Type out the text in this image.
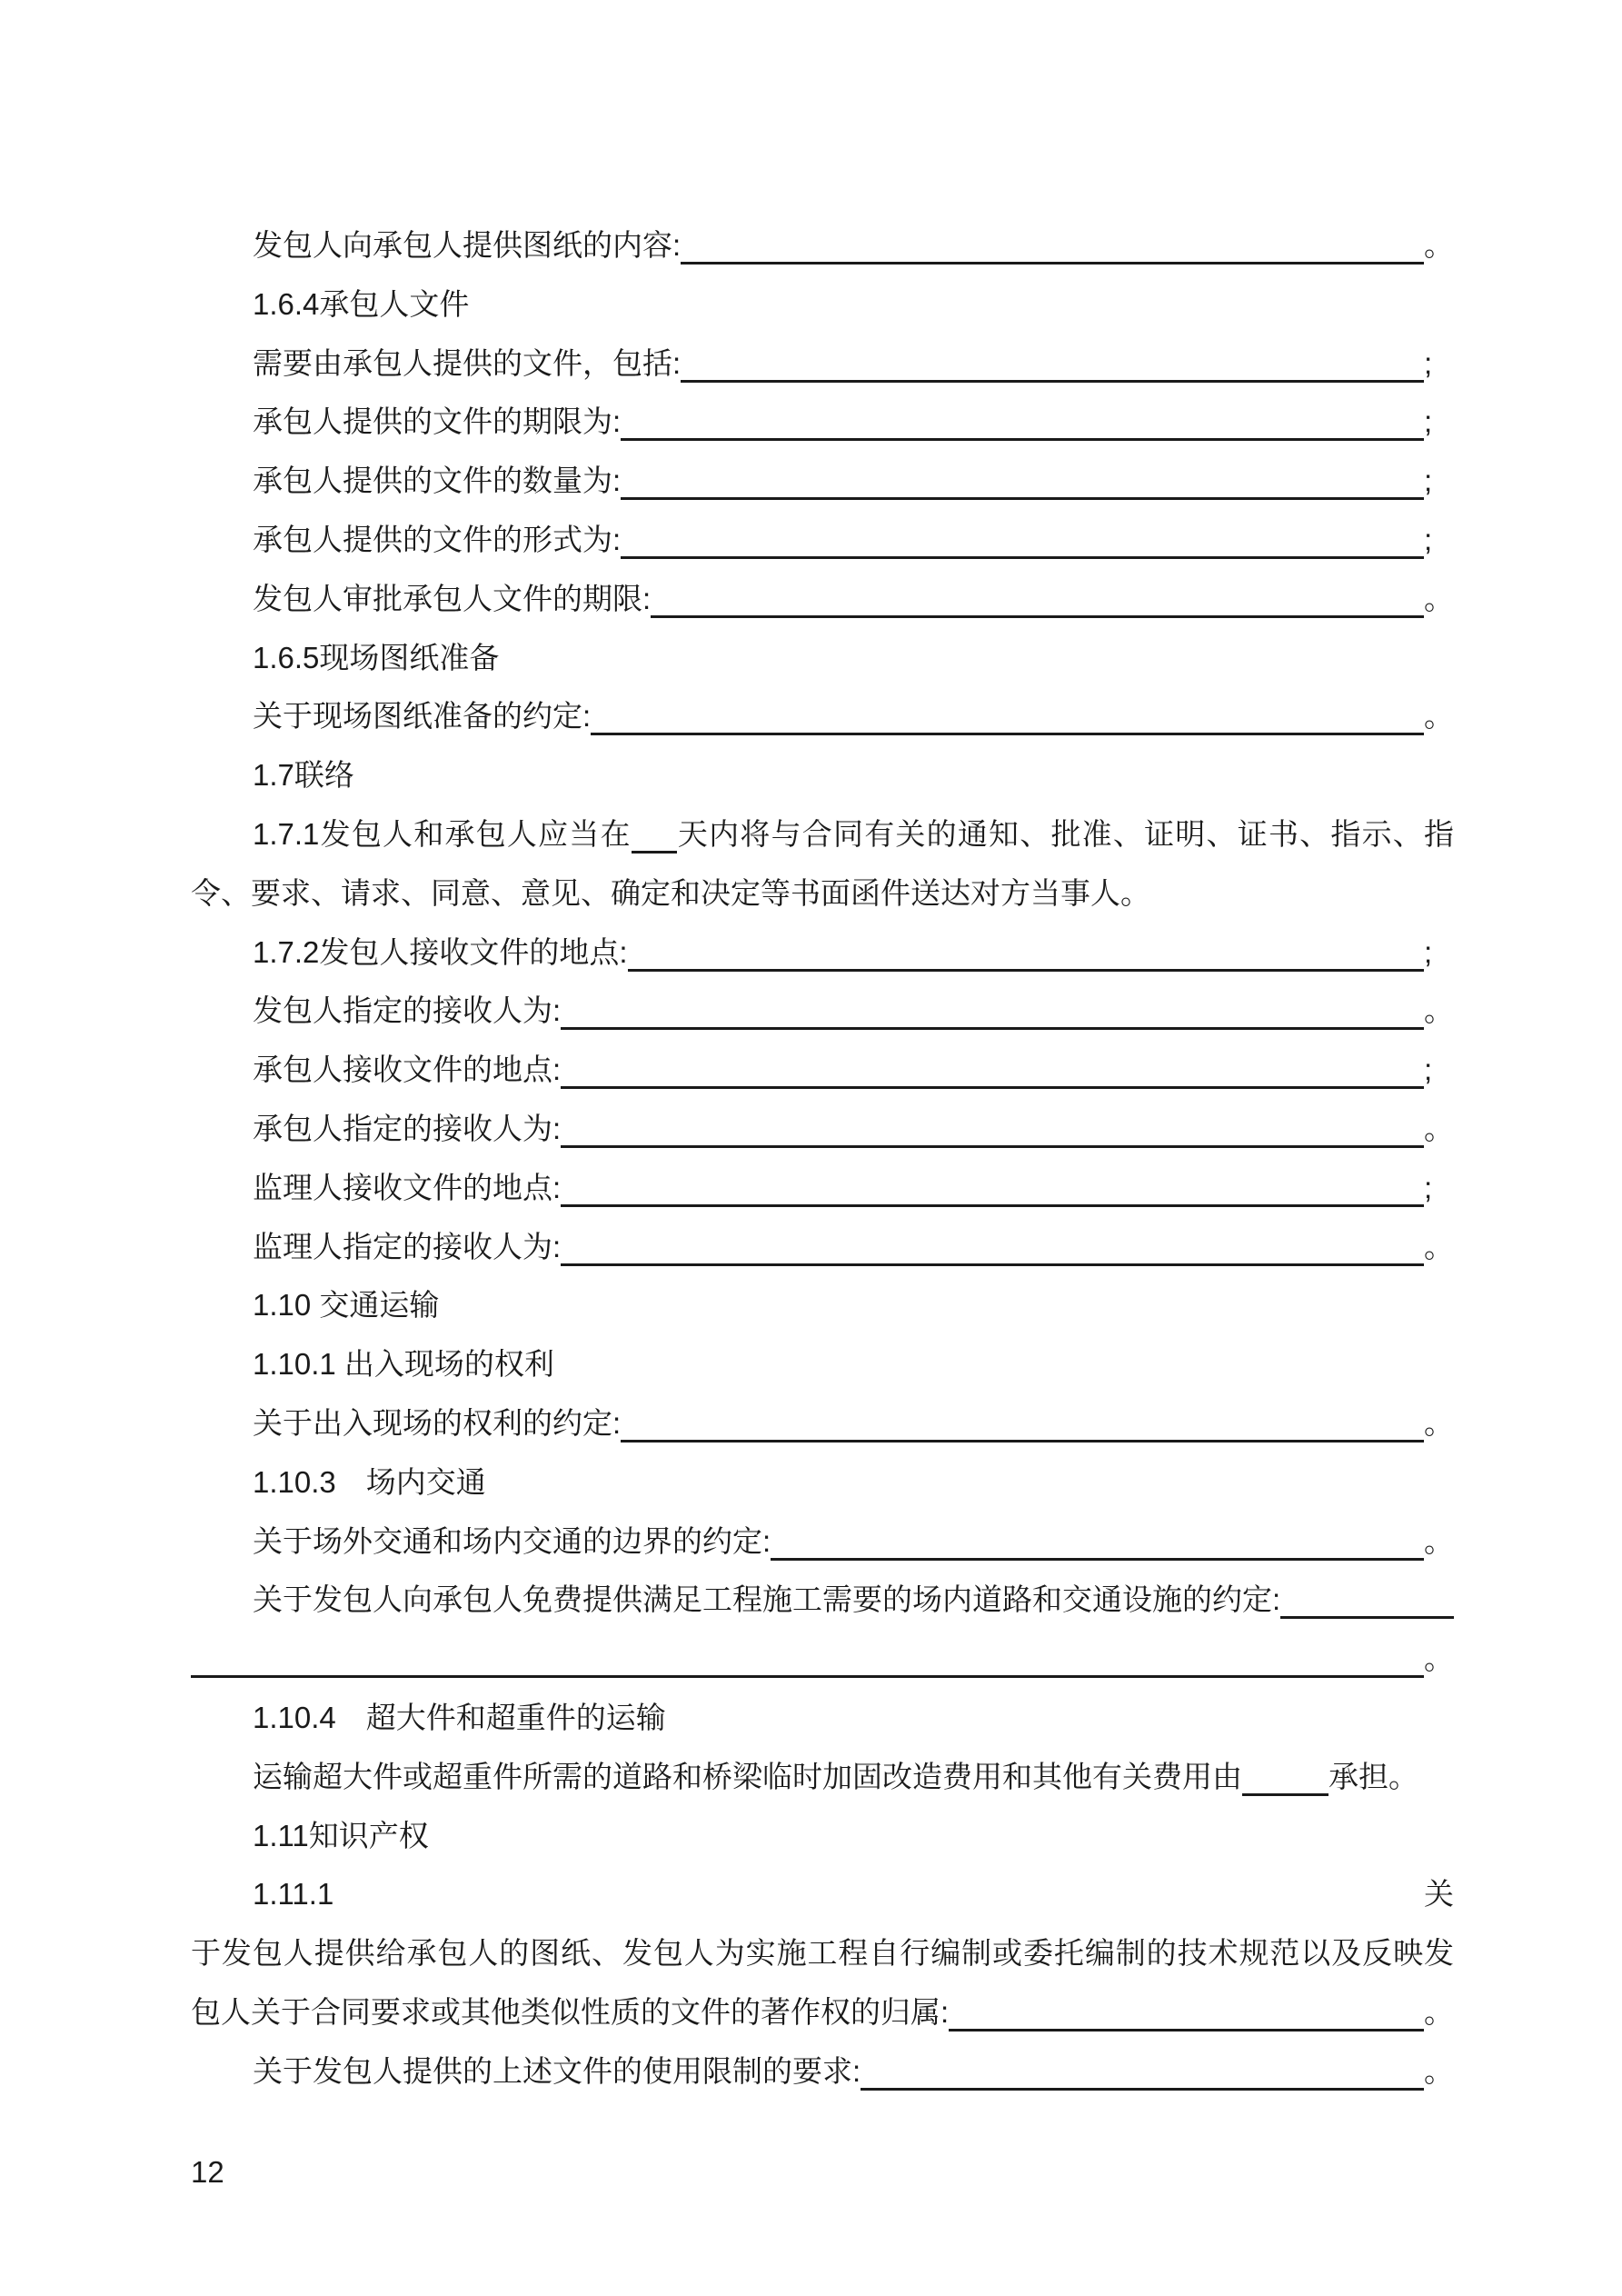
发包人向承包人提供图纸的内容:	。
1.6.4承包人文件
需要由承包人提供的文件，包括:	;
承包人提供的文件的期限为:	;
承包人提供的文件的数量为:	;
承包人提供的文件的形式为:	;
发包人审批承包人文件的期限:	。
1.6.5现场图纸准备
关于现场图纸准备的约定:	。
1.7联络
1.7.1发包人和承包人应当在 天内将与合同有关的通知、批准、证明、证书、指示、指
令、要求、请求、同意、意见、确定和决定等书面函件送达对方当事人。
1.7.2发包人接收文件的地点:	;
发包人指定的接收人为:	。
承包人接收文件的地点:	;
承包人指定的接收人为:	。
监理人接收文件的地点:	;
监理人指定的接收人为:	。
1.10 交通运输
1.10.1 出入现场的权利
关于出入现场的权利的约定:	。
1.10.3　场内交通
关于场外交通和场内交通的边界的约定:	。
关于发包人向承包人免费提供满足工程施工需要的场内道路和交通设施的约定:
。
1.10.4　超大件和超重件的运输
运输超大件或超重件所需的道路和桥梁临时加固改造费用和其他有关费用由	承担。
1.11知识产权
1.11.1	关
于发包人提供给承包人的图纸、发包人为实施工程自行编制或委托编制的技术规范以及反映发
包人关于合同要求或其他类似性质的文件的著作权的归属:	。
关于发包人提供的上述文件的使用限制的要求:	。
12
